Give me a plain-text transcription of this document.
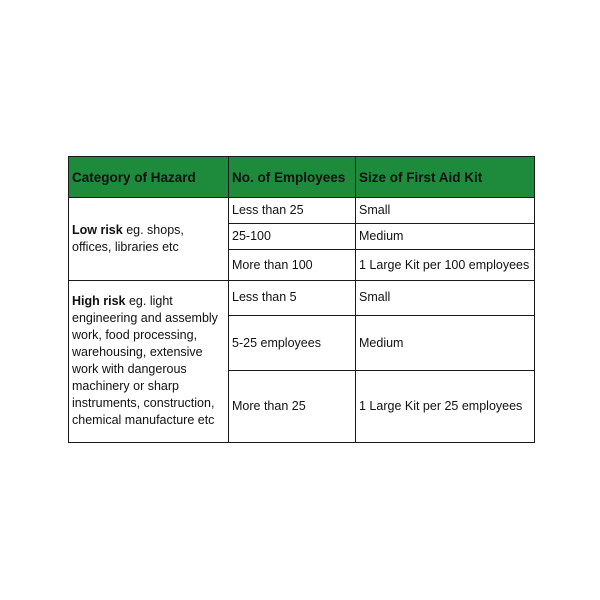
Category of Hazard	No. of Employees	Size of First Aid Kit
Low risk eg. shops, offices, libraries etc	Less than 25	Small
	25-100	Medium
	More than 100	1 Large Kit per 100 employees
High risk eg. light engineering and assembly work, food processing, warehousing, extensive work with dangerous machinery or sharp instruments, construction, chemical manufacture etc	Less than 5	Small
	5-25 employees	Medium
	More than 25	1 Large Kit per 25 employees
